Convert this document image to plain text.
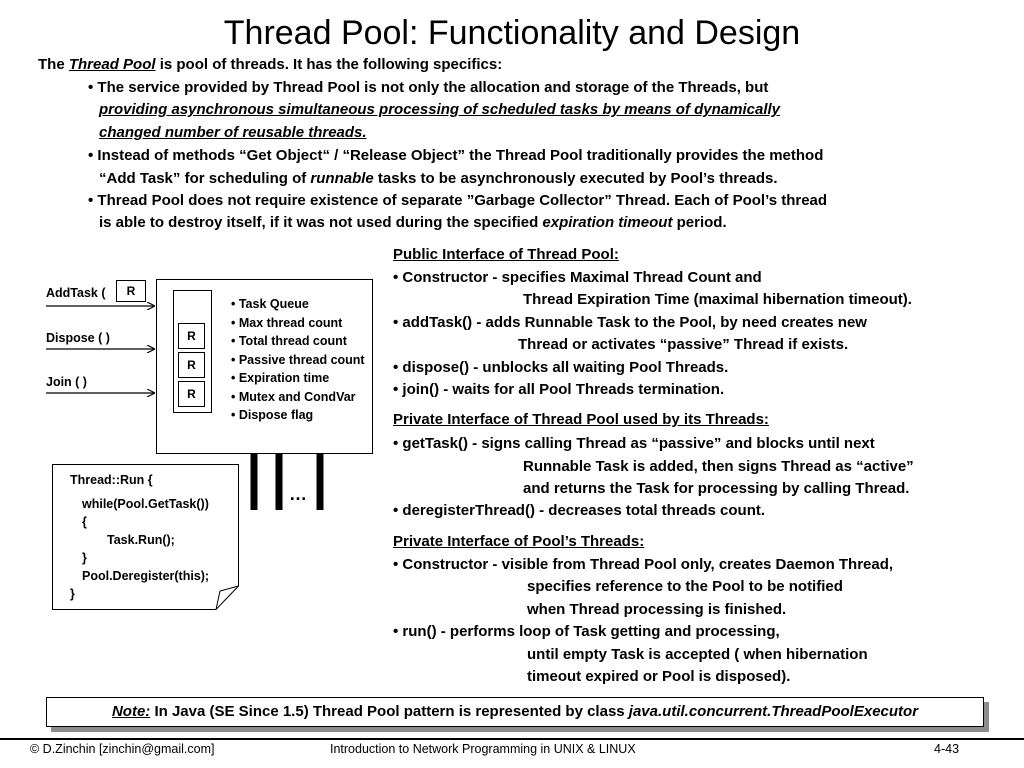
Thread Pool: Functionality and Design
The Thread Pool is pool of threads. It has the following specifics:
• The service provided by Thread Pool is not only the allocation and storage of the Threads, but
providing asynchronous simultaneous processing of scheduled tasks by means of dynamically
changed number of reusable threads.
• Instead of methods “Get Object“ / “Release Object” the Thread Pool traditionally provides the method
“Add Task” for scheduling of runnable tasks to be asynchronously executed by Pool’s threads.
• Thread Pool does not require existence of separate ”Garbage Collector” Thread. Each of Pool’s thread
is able to destroy itself, if it was not used during the specified expiration timeout period.
AddTask (	R
Dispose ( )
Join ( )
R
R
R
• Task Queue
• Max thread count
• Total thread count
• Passive thread count
• Expiration time
• Mutex and CondVar
• Dispose flag
…
Thread::Run {
while(Pool.GetTask())
{
Task.Run();
}
Pool.Deregister(this);
}
Public Interface of Thread Pool:
• Constructor - specifies Maximal Thread Count and
Thread Expiration Time (maximal hibernation timeout).
• addTask() - adds Runnable Task to the Pool, by need creates new
Thread or activates “passive” Thread if exists.
• dispose() - unblocks all waiting Pool Threads.
• join() - waits for all Pool Threads termination.
Private Interface of Thread Pool used by its Threads:
• getTask() - signs calling Thread as “passive” and blocks until next
Runnable Task is added, then signs Thread as “active”
and returns the Task for processing by calling Thread.
• deregisterThread() - decreases total threads count.
Private Interface of Pool’s Threads:
• Constructor - visible from Thread Pool only, creates Daemon Thread,
specifies reference to the Pool to be notified
when Thread processing is finished.
• run() - performs loop of Task getting and processing,
until empty Task is accepted ( when hibernation
timeout expired or Pool is disposed).
Note: In Java (SE Since 1.5) Thread Pool pattern is represented by class java.util.concurrent.ThreadPoolExecutor
© D.Zinchin [zinchin@gmail.com]	Introduction to Network Programming in UNIX & LINUX	4-43
